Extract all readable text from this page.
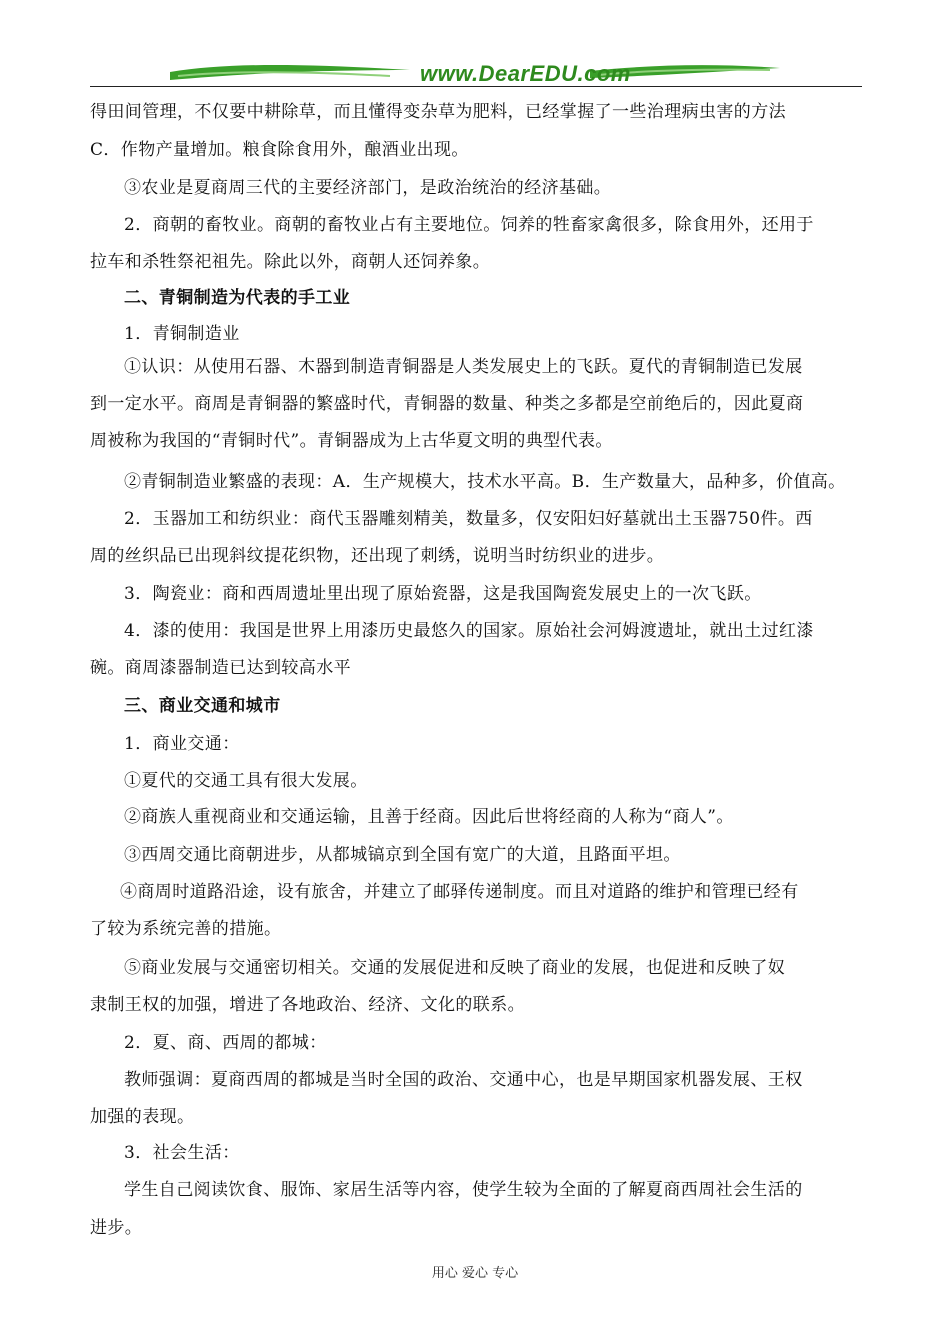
www.DearEDU.com
得田间管理，不仅要中耕除草，而且懂得变杂草为肥料，已经掌握了一些治理病虫害的方法
C．作物产量增加。粮食除食用外，酿酒业出现。
③农业是夏商周三代的主要经济部门，是政治统治的经济基础。
2．商朝的畜牧业。商朝的畜牧业占有主要地位。饲养的牲畜家禽很多，除食用外，还用于
拉车和杀牲祭祀祖先。除此以外，商朝人还饲养象。
二、青铜制造为代表的手工业
1．青铜制造业
①认识：从使用石器、木器到制造青铜器是人类发展史上的飞跃。夏代的青铜制造已发展
到一定水平。商周是青铜器的繁盛时代，青铜器的数量、种类之多都是空前绝后的，因此夏商
周被称为我国的“青铜时代”。青铜器成为上古华夏文明的典型代表。
②青铜制造业繁盛的表现：A．生产规模大，技术水平高。B．生产数量大，品种多，价值高。
2．玉器加工和纺织业：商代玉器雕刻精美，数量多，仅安阳妇好墓就出土玉器750件。西
周的丝织品已出现斜纹提花织物，还出现了刺绣，说明当时纺织业的进步。
3．陶瓷业：商和西周遗址里出现了原始瓷器，这是我国陶瓷发展史上的一次飞跃。
4．漆的使用：我国是世界上用漆历史最悠久的国家。原始社会河姆渡遗址，就出土过红漆
碗。商周漆器制造已达到较高水平
三、商业交通和城市
1．商业交通：
①夏代的交通工具有很大发展。
②商族人重视商业和交通运输，且善于经商。因此后世将经商的人称为“商人”。
③西周交通比商朝进步，从都城镐京到全国有宽广的大道，且路面平坦。
④商周时道路沿途，设有旅舍，并建立了邮驿传递制度。而且对道路的维护和管理已经有
了较为系统完善的措施。
⑤商业发展与交通密切相关。交通的发展促进和反映了商业的发展，也促进和反映了奴
隶制王权的加强，增进了各地政治、经济、文化的联系。
2．夏、商、西周的都城：
教师强调：夏商西周的都城是当时全国的政治、交通中心，也是早期国家机器发展、王权
加强的表现。
3．社会生活：
学生自己阅读饮食、服饰、家居生活等内容，使学生较为全面的了解夏商西周社会生活的
进步。
用心 爱心 专心
